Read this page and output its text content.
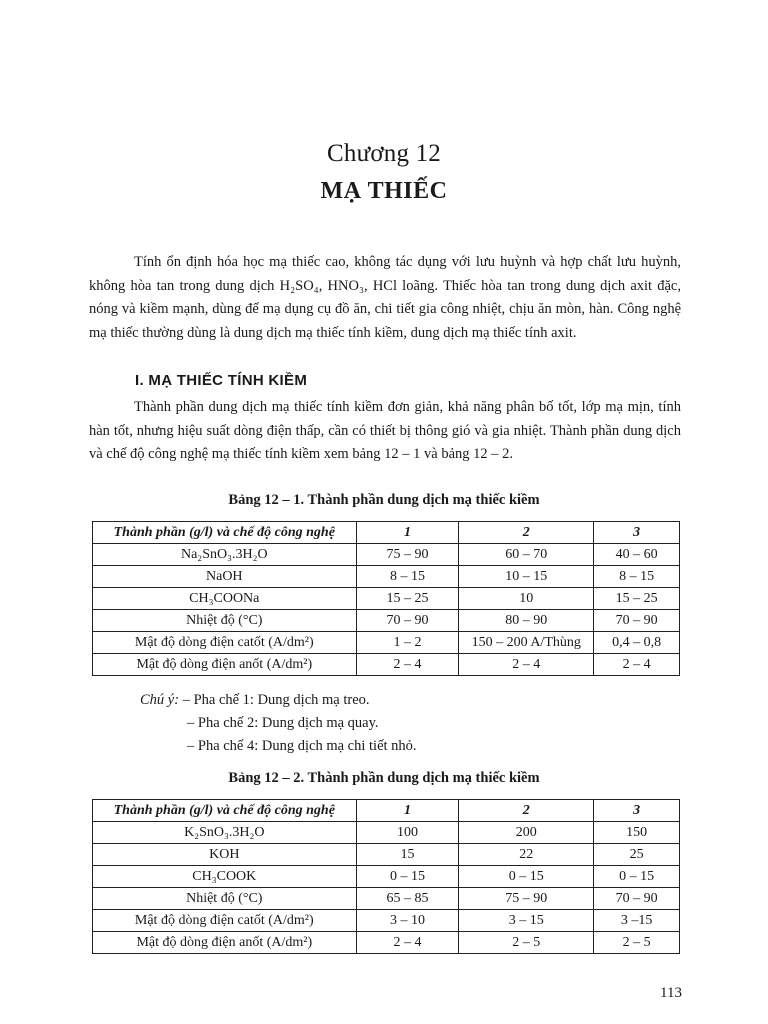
Chương 12
MẠ THIẾC

Tính ổn định hóa học mạ thiếc cao, không tác dụng với lưu huỳnh và hợp chất lưu huỳnh, không hòa tan trong dung dịch H₂SO₄, HNO₃, HCl loãng. Thiếc hòa tan trong dung dịch axit đặc, nóng và kiềm mạnh, dùng để mạ dụng cụ đồ ăn, chi tiết gia công nhiệt, chịu ăn mòn, hàn. Công nghệ mạ thiếc thường dùng là dung dịch mạ thiếc tính kiềm, dung dịch mạ thiếc tính axit.

I. MẠ THIẾC TÍNH KIỀM

Thành phần dung dịch mạ thiếc tính kiềm đơn giản, khả năng phân bố tốt, lớp mạ mịn, tính hàn tốt, nhưng hiệu suất dòng điện thấp, cần có thiết bị thông gió và gia nhiệt. Thành phần dung dịch và chế độ công nghệ mạ thiếc tính kiềm xem bảng 12 – 1 và bảng 12 – 2.

Bảng 12 – 1. Thành phần dung dịch mạ thiếc kiềm
Thành phần (g/l) và chế độ công nghệ	1	2	3
Na₂SnO₃.3H₂O	75 – 90	60 – 70	40 – 60
NaOH	8 – 15	10 – 15	8 – 15
CH₃COONa	15 – 25	10	15 – 25
Nhiệt độ (°C)	70 – 90	80 – 90	70 – 90
Mật độ dòng điện catốt (A/dm²)	1 – 2	150 – 200 A/Thùng	0,4 – 0,8
Mật độ dòng điện anốt (A/dm²)	2 – 4	2 – 4	2 – 4
Chú ý: – Pha chế 1: Dung dịch mạ treo.
– Pha chế 2: Dung dịch mạ quay.
– Pha chế 4: Dung dịch mạ chi tiết nhỏ.
Bảng 12 – 2. Thành phần dung dịch mạ thiếc kiềm
Thành phần (g/l) và chế độ công nghệ	1	2	3
K₂SnO₃.3H₂O	100	200	150
KOH	15	22	25
CH₃COOK	0 – 15	0 – 15	0 – 15
Nhiệt độ (°C)	65 – 85	75 – 90	70 – 90
Mật độ dòng điện catốt (A/dm²)	3 – 10	3 – 15	3 –15
Mật độ dòng điện anốt (A/dm²)	2 – 4	2 – 5	2 – 5
113
